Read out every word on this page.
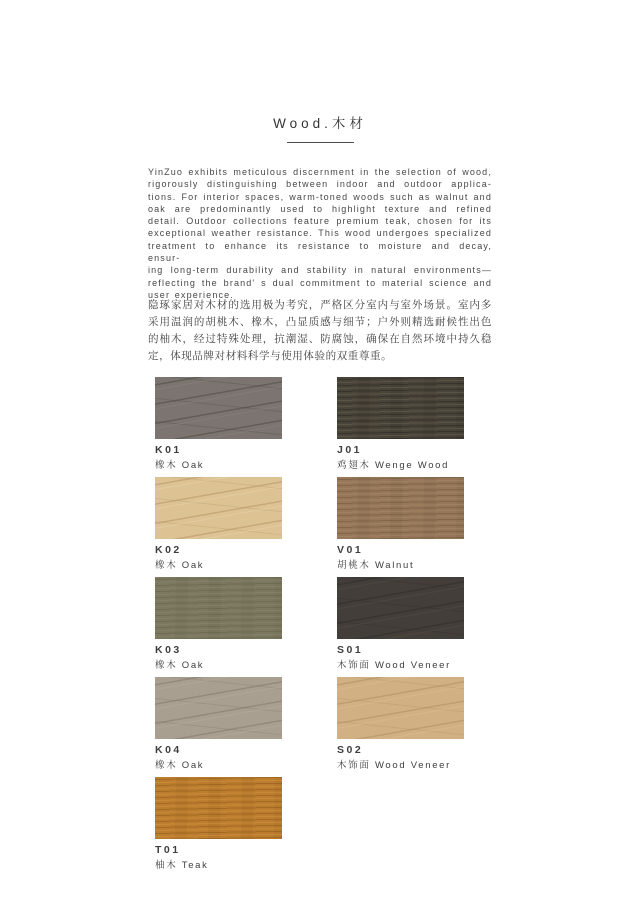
Wood.木材
YinZuo exhibits meticulous discernment in the selection of wood,
rigorously distinguishing between indoor and outdoor applica-
tions. For interior spaces, warm-toned woods such as walnut and
oak are predominantly used to highlight texture and refined
detail. Outdoor collections feature premium teak, chosen for its
exceptional weather resistance. This wood undergoes specialized
treatment to enhance its resistance to moisture and decay, ensur-
ing long-term durability and stability in natural environments—
reflecting the brand' s dual commitment to material science and
user experience.
隐琢家居对木材的选用极为考究，严格区分室内与室外场景。室内多
采用温润的胡桃木、橡木，凸显质感与细节；户外则精选耐候性出色
的柚木，经过特殊处理，抗潮湿、防腐蚀，确保在自然环境中持久稳
定，体现品牌对材料科学与使用体验的双重尊重。
K01
橡木 Oak
J01
鸡翅木 Wenge Wood
K02
橡木 Oak
V01
胡桃木 Walnut
K03
橡木 Oak
S01
木饰面 Wood Veneer
K04
橡木 Oak
S02
木饰面 Wood Veneer
T01
柚木 Teak
